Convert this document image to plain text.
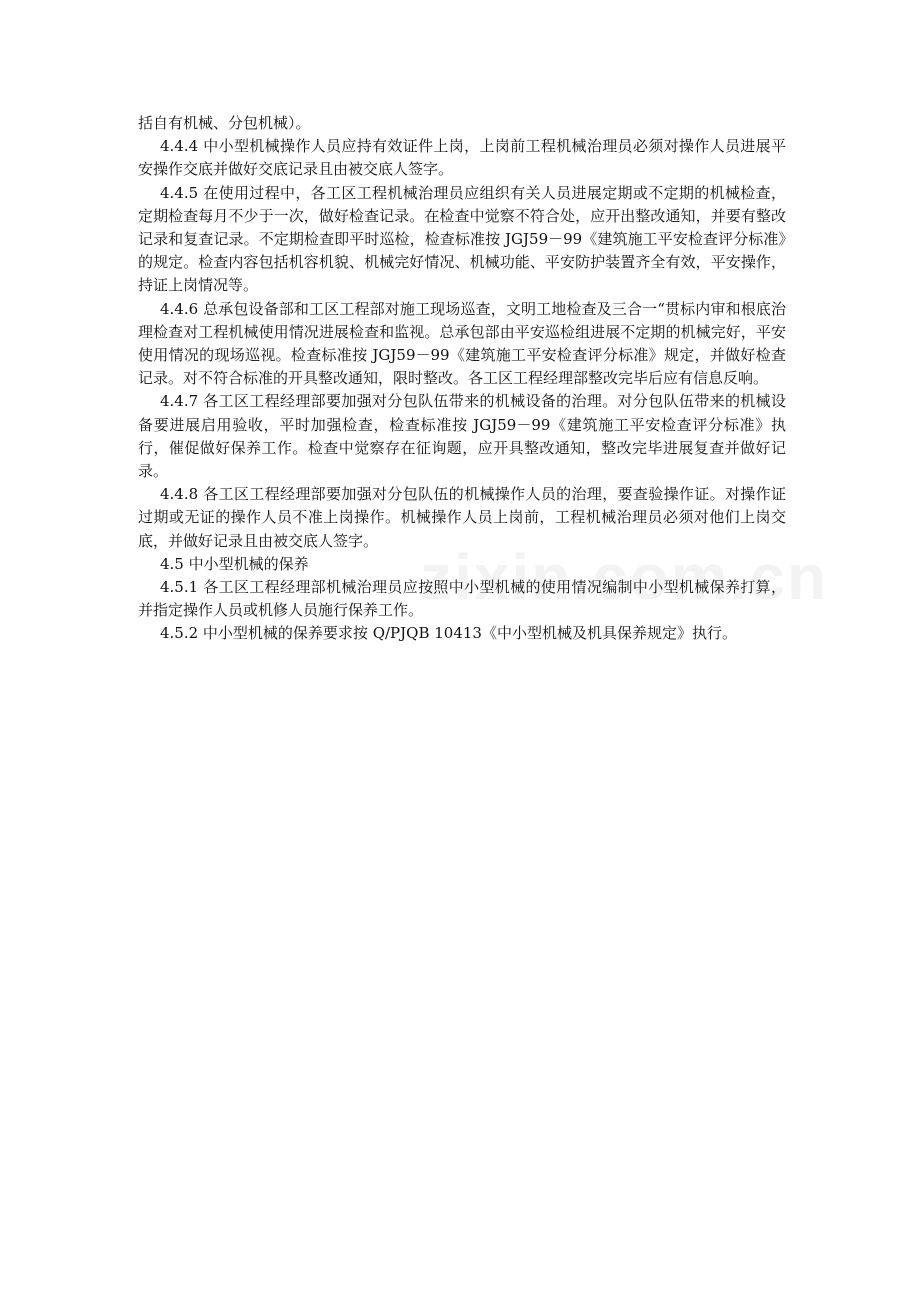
括自有机械、分包机械）。

4.4.4 中小型机械操作人员应持有效证件上岗，上岗前工程机械治理员必须对操作人员进展平安操作交底并做好交底记录且由被交底人签字。

4.4.5 在使用过程中，各工区工程机械治理员应组织有关人员进展定期或不定期的机械检查，定期检查每月不少于一次，做好检查记录。在检查中觉察不符合处，应开出整改通知，并要有整改记录和复查记录。不定期检查即平时巡检，检查标准按 JGJ59－99《建筑施工平安检查评分标准》的规定。检查内容包括机容机貌、机械完好情况、机械功能、平安防护装置齐全有效，平安操作，持证上岗情况等。

4.4.6 总承包设备部和工区工程部对施工现场巡查，文明工地检查及三合一“贯标内审和根底治理检查对工程机械使用情况进展检查和监视。总承包部由平安巡检组进展不定期的机械完好，平安使用情况的现场巡视。检查标准按 JGJ59－99《建筑施工平安检查评分标准》规定，并做好检查记录。对不符合标准的开具整改通知，限时整改。各工区工程经理部整改完毕后应有信息反响。

4.4.7 各工区工程经理部要加强对分包队伍带来的机械设备的治理。对分包队伍带来的机械设备要进展启用验收，平时加强检查，检查标准按 JGJ59－99《建筑施工平安检查评分标准》执行，催促做好保养工作。检查中觉察存在征询题，应开具整改通知，整改完毕进展复查并做好记录。

4.4.8 各工区工程经理部要加强对分包队伍的机械操作人员的治理，要查验操作证。对操作证过期或无证的操作人员不准上岗操作。机械操作人员上岗前，工程机械治理员必须对他们上岗交底，并做好记录且由被交底人签字。

4.5 中小型机械的保养

4.5.1 各工区工程经理部机械治理员应按照中小型机械的使用情况编制中小型机械保养打算，并指定操作人员或机修人员施行保养工作。

4.5.2 中小型机械的保养要求按 Q/PJQB 10413《中小型机械及机具保养规定》执行。
